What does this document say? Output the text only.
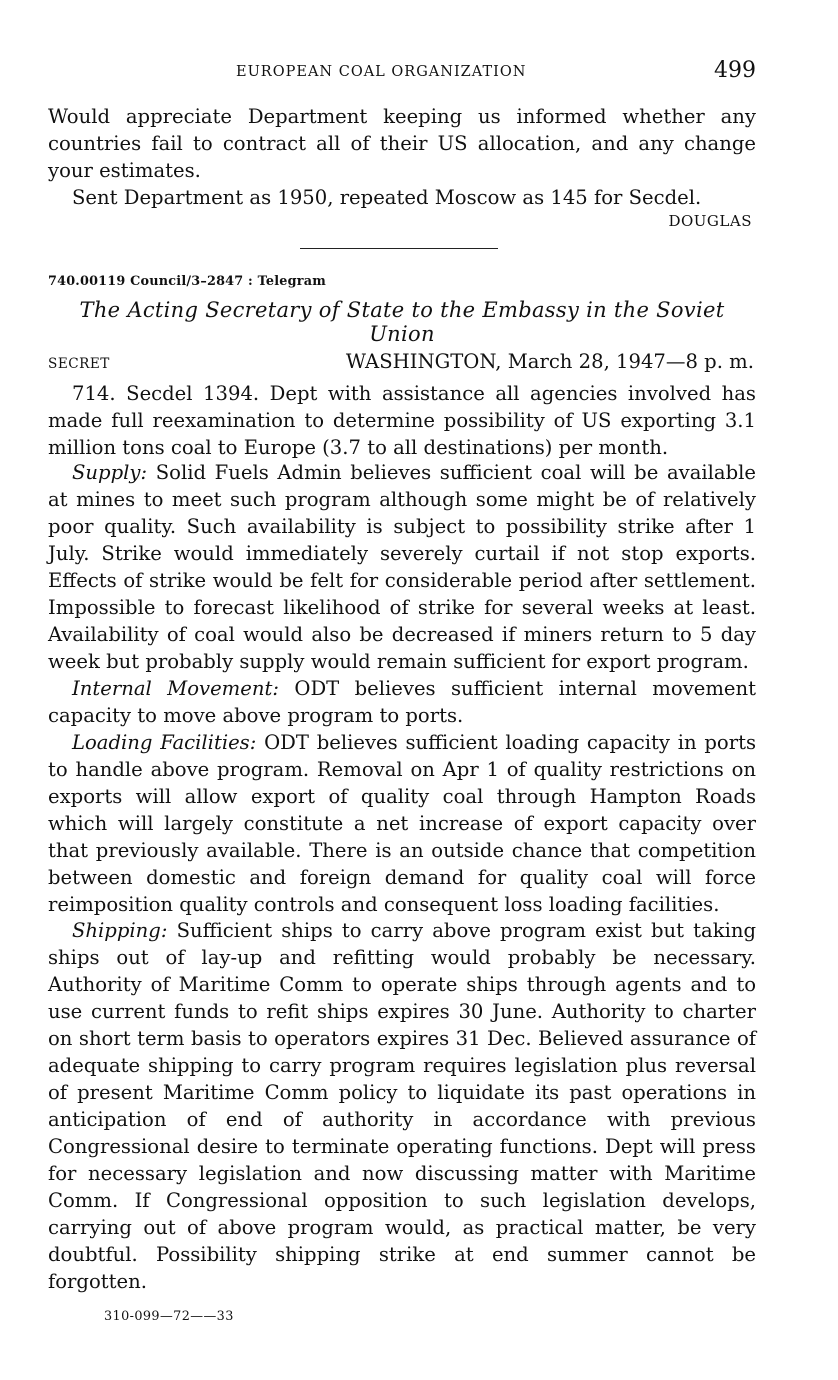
EUROPEAN COAL ORGANIZATION	499

Would appreciate Department keeping us informed whether any countries fail to contract all of their US allocation, and any change your estimates.

Sent Department as 1950, repeated Moscow as 145 for Secdel.

DOUGLAS
740.00119 Council/3–2847 : Telegram
The Acting Secretary of State to the Embassy in the Soviet Union
SECRET	WASHINGTON, March 28, 1947—8 p. m.

714. Secdel 1394. Dept with assistance all agencies involved has made full reexamination to determine possibility of US exporting 3.1 million tons coal to Europe (3.7 to all destinations) per month.

Supply: Solid Fuels Admin believes sufficient coal will be available at mines to meet such program although some might be of relatively poor quality. Such availability is subject to possibility strike after 1 July. Strike would immediately severely curtail if not stop exports. Effects of strike would be felt for considerable period after settlement. Impossible to forecast likelihood of strike for several weeks at least. Availability of coal would also be decreased if miners return to 5 day week but probably supply would remain sufficient for export program.

Internal Movement: ODT believes sufficient internal movement capacity to move above program to ports.

Loading Facilities: ODT believes sufficient loading capacity in ports to handle above program. Removal on Apr 1 of quality restrictions on exports will allow export of quality coal through Hampton Roads which will largely constitute a net increase of export capacity over that previously available. There is an outside chance that competition between domestic and foreign demand for quality coal will force reimposition quality controls and consequent loss loading facilities.

Shipping: Sufficient ships to carry above program exist but taking ships out of lay-up and refitting would probably be necessary. Authority of Maritime Comm to operate ships through agents and to use current funds to refit ships expires 30 June. Authority to charter on short term basis to operators expires 31 Dec. Believed assurance of adequate shipping to carry program requires legislation plus reversal of present Maritime Comm policy to liquidate its past operations in anticipation of end of authority in accordance with previous Congressional desire to terminate operating functions. Dept will press for necessary legislation and now discussing matter with Maritime Comm. If Congressional opposition to such legislation develops, carrying out of above program would, as practical matter, be very doubtful. Possibility shipping strike at end summer cannot be forgotten.

310-099—72——33
